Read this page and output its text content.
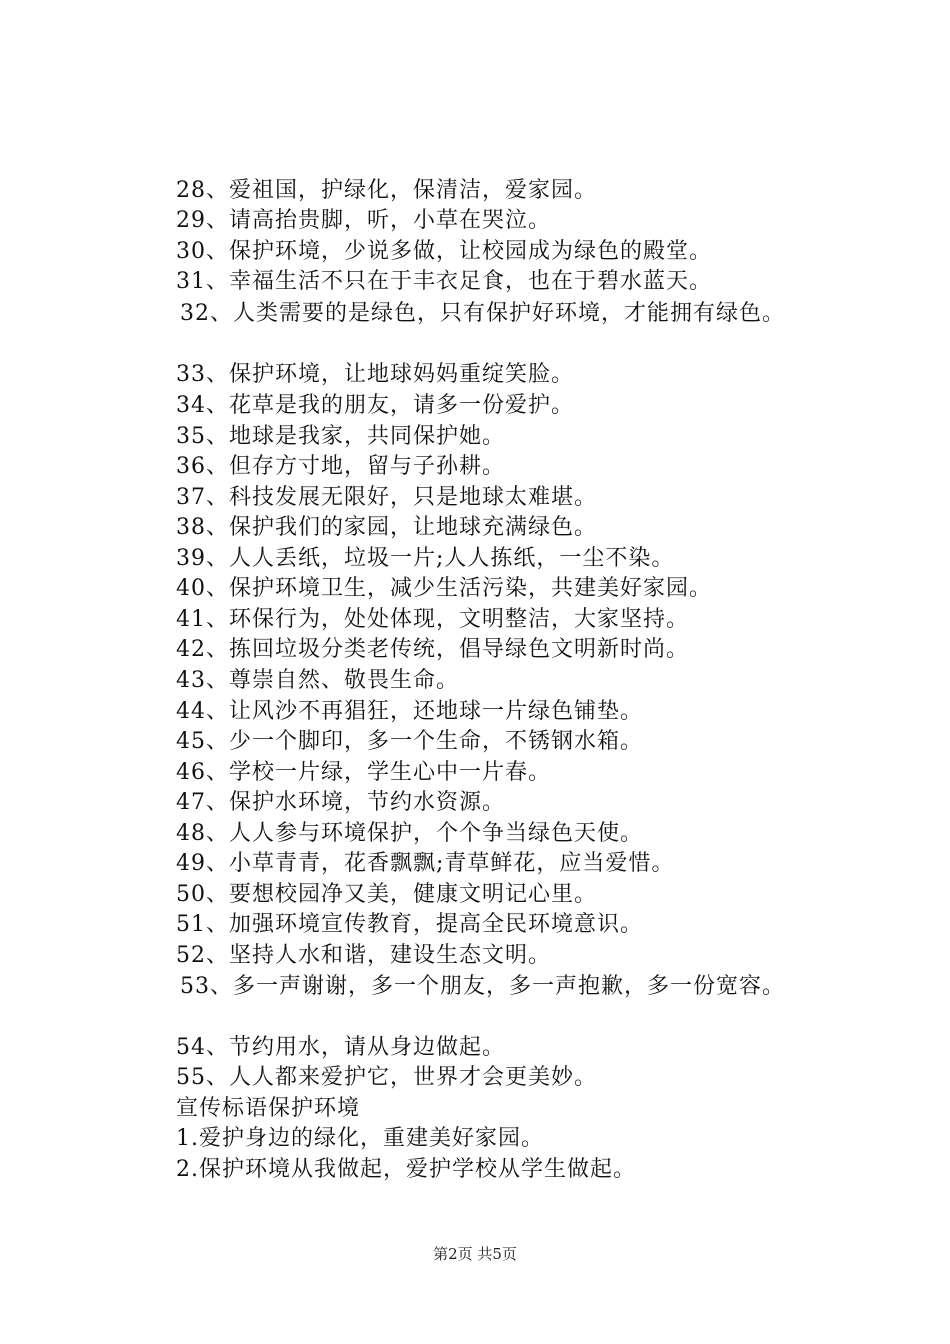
28、爱祖国，护绿化，保清洁，爱家园。
29、请高抬贵脚，听，小草在哭泣。
30、保护环境，少说多做，让校园成为绿色的殿堂。
31、幸福生活不只在于丰衣足食，也在于碧水蓝天。
32、人类需要的是绿色，只有保护好环境，才能拥有绿色。
33、保护环境，让地球妈妈重绽笑脸。
34、花草是我的朋友，请多一份爱护。
35、地球是我家，共同保护她。
36、但存方寸地，留与子孙耕。
37、科技发展无限好，只是地球太难堪。
38、保护我们的家园，让地球充满绿色。
39、人人丢纸，垃圾一片;人人拣纸，一尘不染。
40、保护环境卫生，减少生活污染，共建美好家园。
41、环保行为，处处体现，文明整洁，大家坚持。
42、拣回垃圾分类老传统，倡导绿色文明新时尚。
43、尊崇自然、敬畏生命。
44、让风沙不再猖狂，还地球一片绿色铺垫。
45、少一个脚印，多一个生命，不锈钢水箱。
46、学校一片绿，学生心中一片春。
47、保护水环境，节约水资源。
48、人人参与环境保护，个个争当绿色天使。
49、小草青青，花香飘飘;青草鲜花，应当爱惜。
50、要想校园净又美，健康文明记心里。
51、加强环境宣传教育，提高全民环境意识。
52、坚持人水和谐，建设生态文明。
53、多一声谢谢，多一个朋友，多一声抱歉，多一份宽容。
54、节约用水，请从身边做起。
55、人人都来爱护它，世界才会更美妙。
宣传标语保护环境
1.爱护身边的绿化，重建美好家园。
2.保护环境从我做起，爱护学校从学生做起。
第2页 共5页
